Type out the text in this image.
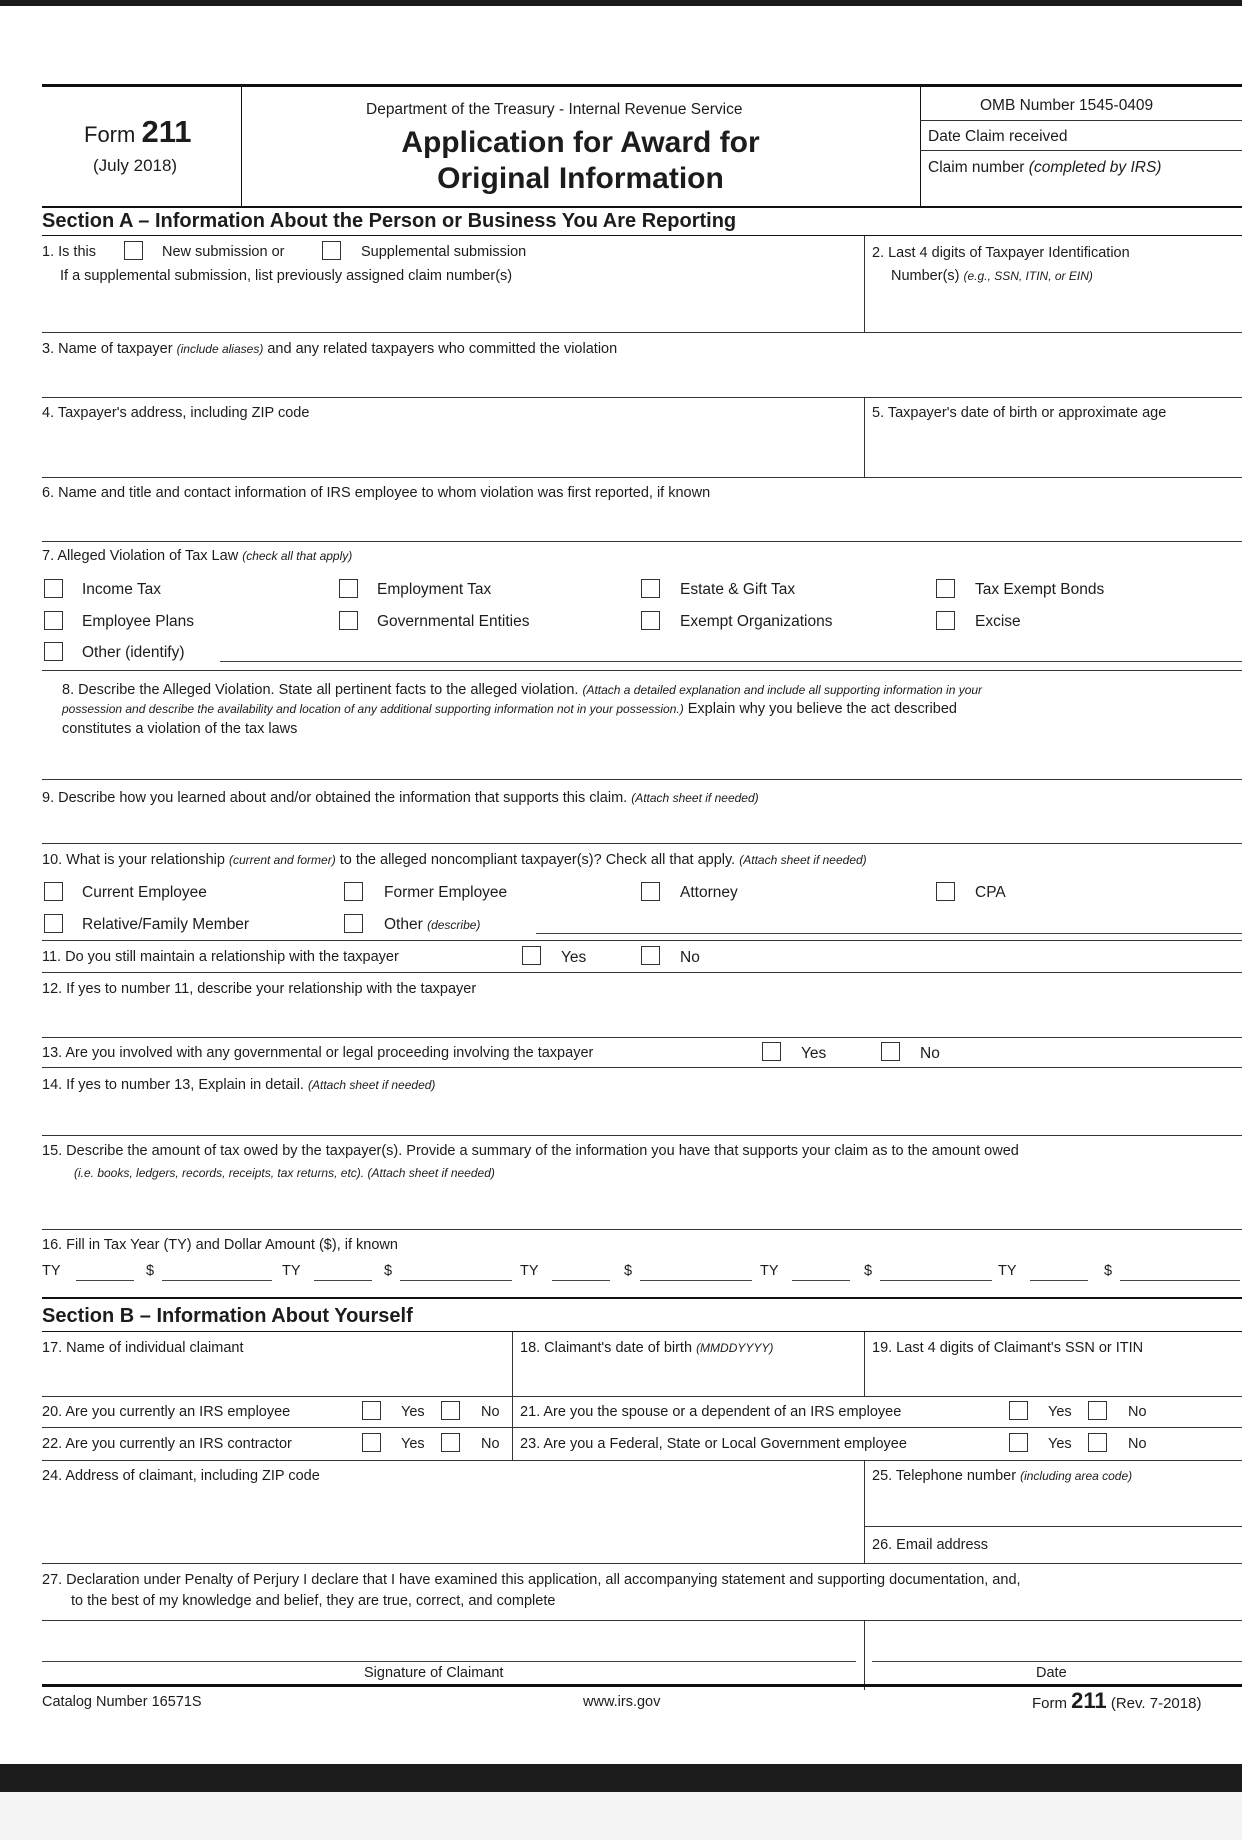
Form 211
(July 2018)
Department of the Treasury - Internal Revenue Service
Application for Award for
Original Information
OMB Number 1545-0409
Date Claim received
Claim number (completed by IRS)
Section A – Information About the Person or Business You Are Reporting
1. Is this	New submission or	Supplemental submission
If a supplemental submission, list previously assigned claim number(s)
2. Last 4 digits of Taxpayer Identification
Number(s) (e.g., SSN, ITIN, or EIN)
3. Name of taxpayer (include aliases) and any related taxpayers who committed the violation
4. Taxpayer's address, including ZIP code	5. Taxpayer's date of birth or approximate age
6. Name and title and contact information of IRS employee to whom violation was first reported, if known
7. Alleged Violation of Tax Law (check all that apply)
Income Tax	Employment Tax	Estate & Gift Tax	Tax Exempt Bonds
Employee Plans	Governmental Entities	Exempt Organizations	Excise
Other (identify)
8. Describe the Alleged Violation. State all pertinent facts to the alleged violation. (Attach a detailed explanation and include all supporting information in your
possession and describe the availability and location of any additional supporting information not in your possession.) Explain why you believe the act described
constitutes a violation of the tax laws
9. Describe how you learned about and/or obtained the information that supports this claim. (Attach sheet if needed)
10. What is your relationship (current and former) to the alleged noncompliant taxpayer(s)? Check all that apply. (Attach sheet if needed)
Current Employee	Former Employee	Attorney	CPA
Relative/Family Member	Other (describe)
11. Do you still maintain a relationship with the taxpayer	Yes	No
12. If yes to number 11, describe your relationship with the taxpayer
13. Are you involved with any governmental or legal proceeding involving the taxpayer	Yes	No
14. If yes to number 13, Explain in detail. (Attach sheet if needed)
15. Describe the amount of tax owed by the taxpayer(s). Provide a summary of the information you have that supports your claim as to the amount owed
(i.e. books, ledgers, records, receipts, tax returns, etc). (Attach sheet if needed)
16. Fill in Tax Year (TY) and Dollar Amount ($), if known
TY	$	TY	$	TY	$	TY	$	TY	$
Section B – Information About Yourself
17. Name of individual claimant	18. Claimant's date of birth (MMDDYYYY)	19. Last 4 digits of Claimant's SSN or ITIN
20. Are you currently an IRS employee	Yes	No 21. Are you the spouse or a dependent of an IRS employee	Yes	No
22. Are you currently an IRS contractor	Yes	No 23. Are you a Federal, State or Local Government employee	Yes	No
24. Address of claimant, including ZIP code	25. Telephone number (including area code)
26. Email address
27. Declaration under Penalty of Perjury I declare that I have examined this application, all accompanying statement and supporting documentation, and,
to the best of my knowledge and belief, they are true, correct, and complete
Signature of Claimant	Date
Catalog Number 16571S	www.irs.gov	Form 211 (Rev. 7-2018)
